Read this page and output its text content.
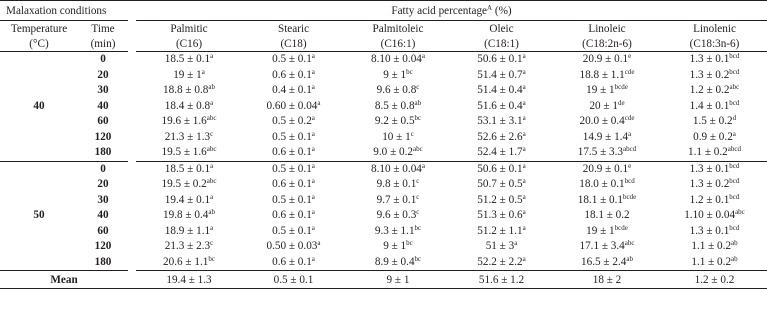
Malaxation conditions			Fatty acid percentage$^A$ (%)					
Temperature	Time		Palmitic	Stearic	Palmitoleic	Oleic	Linoleic	Linolenic
(°C)	(min)		(C16)	(C18)	(C16:1)	(C18:1)	(C18:2n-6)	(C18:3n-6)
40	0		18.5 ± 0.1$^a$	0.5 ± 0.1$^a$	8.10 ± 0.04$^a$	50.6 ± 0.1$^a$	20.9 ± 0.1$^e$	1.3 ± 0.1$^{bcd}$
	20		$19 \pm 1^a$	0.6 ± 0.1$^a$	$9 \pm 1^{bc}$	51.4 ± 0.7$^a$	18.8 ± 1.1$^{cde}$	1.3 ± 0.2$^{bcd}$
	30		18.8 ± 0.8$^{ab}$	0.4 ± 0.1$^a$	9.6 ± 0.8$^c$	51.4 ± 0.4$^a$	$19 \pm 1^{bcde}$	1.2 ± 0.2$^{abc}$
	40		18.4 ± 0.8$^a$	0.60 ± 0.04$^a$	8.5 ± 0.8$^{ab}$	51.6 ± 0.4$^a$	20 ± 1de	1.4 ± 0.1$^{bcd}$
	60		19.6 ± 1.6$^{abc}$	0.5 ± 0.2$^a$	9.2 ± 0.5$^{bc}$	53.1 ± 3.1$^a$	20.0 ± 0.4$^{cde}$	1.5 ± 0.2$^d$
	120		21.3 ± 1.3$^c$	0.5 ± 0.1$^a$	$10 \pm 1^c$	52.6 ± 2.6$^a$	14.9 ± 1.4$^a$	0.9 ± 0.2$^a$
	180		19.5 ± 1.6$^{abc}$	0.6 ± 0.1$^a$	9.0 ± 0.2$^{abc}$	52.4 ± 1.7$^a$	$17.5 \pm 3.3^{abcd}$	$1.1 \pm 0.2^{abcd}$
50	0		18.5 ± 0.1$^a$	0.5 ± 0.1$^a$	8.10 ± 0.04$^a$	50.6 ± 0.1$^a$	20.9 ± 0.1$^e$	1.3 ± 0.1$^{bcd}$
	20		19.5 ± 0.2$^{abc}$	0.6 ± 0.1$^a$	9.8 ± 0.1$^c$	50.7 ± 0.5$^a$	18.0 ± 0.1$^{bcd}$	1.3 ± 0.2$^{bcd}$
	30		19.4 ± 0.1$^a$	0.5 ± 0.1$^a$	9.7 ± 0.1$^c$	51.2 ± 0.5$^a$	$18.1 \pm 0.1^{bcde}$	1.2 ± 0.1$^{bcd}$
	40		19.8 ± 0.4$^{ab}$	0.6 ± 0.1$^a$	9.6 ± 0.3$^c$	51.3 ± 0.6$^a$	18.1 ± 0.2	1.10 ± 0.04$^{abc}$
	60		18.9 ± 1.1$^a$	0.5 ± 0.1$^a$	9.3 ± 1.1$^{bc}$	51.2 ± 1.1$^a$	$19 \pm 1^{bcde}$	1.3 ± 0.1$^{bcd}$
	120		21.3 ± 2.3$^c$	0.50 ± 0.03$^a$	$9 \pm 1^{bc}$	$51 \pm 3^a$	17.1 ± 3.4$^{abc}$	1.1 ± 0.2$^{ab}$
	180		20.6 ± 1.1$^{bc}$	0.6 ± 0.1$^a$	8.9 ± 0.4$^{bc}$	52.2 ± 2.2$^a$	16.5 ± 2.4$^{ab}$	1.1 ± 0.2$^{ab}$
Mean			19.4 ± 1.3	0.5 ± 0.1	9 ± 1	51.6 ± 1.2	18 ± 2	1.2 ± 0.2
